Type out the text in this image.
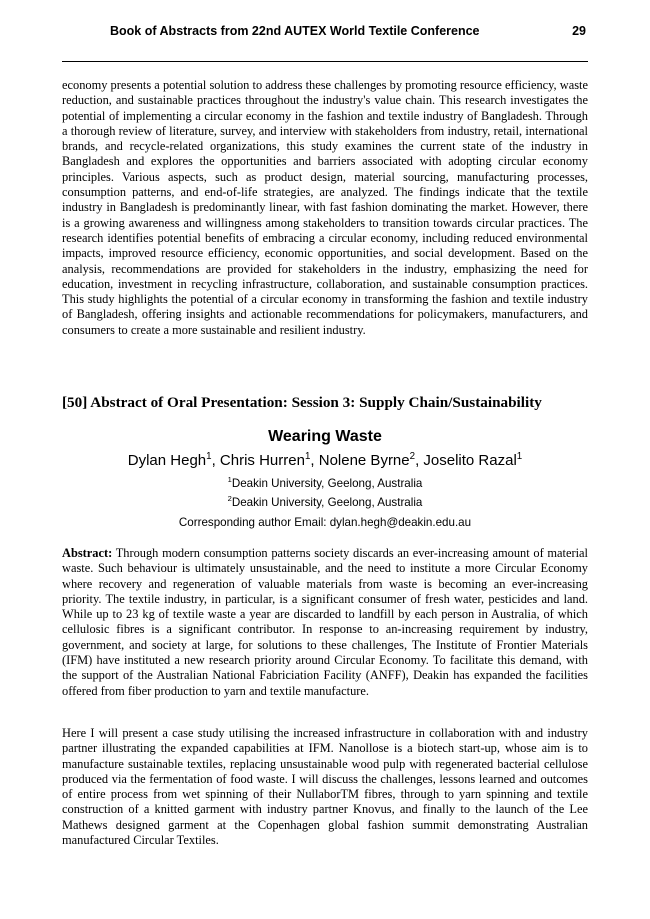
Book of Abstracts from 22nd AUTEX World Textile Conference	29

economy presents a potential solution to address these challenges by promoting resource efficiency, waste reduction, and sustainable practices throughout the industry's value chain. This research investigates the potential of implementing a circular economy in the fashion and textile industry of Bangladesh. Through a thorough review of literature, survey, and interview with stakeholders from industry, retail, international brands, and recycle-related organizations, this study examines the current state of the industry in Bangladesh and explores the opportunities and barriers associated with adopting circular economy principles. Various aspects, such as product design, material sourcing, manufacturing processes, consumption patterns, and end-of-life strategies, are analyzed. The findings indicate that the textile industry in Bangladesh is predominantly linear, with fast fashion dominating the market. However, there is a growing awareness and willingness among stakeholders to transition towards circular practices. The research identifies potential benefits of embracing a circular economy, including reduced environmental impacts, improved resource efficiency, economic opportunities, and social development. Based on the analysis, recommendations are provided for stakeholders in the industry, emphasizing the need for education, investment in recycling infrastructure, collaboration, and sustainable consumption practices. This study highlights the potential of a circular economy in transforming the fashion and textile industry of Bangladesh, offering insights and actionable recommendations for policymakers, manufacturers, and consumers to create a more sustainable and resilient industry.

[50] Abstract of Oral Presentation: Session 3: Supply Chain/Sustainability
Wearing Waste

Dylan Hegh$^1$, Chris Hurren$^1$, Nolene Byrne$^2$, Joselito Razal$^1$

$^1$Deakin University, Geelong, Australia

$^2$Deakin University, Geelong, Australia

Corresponding author Email: dylan.hegh@deakin.edu.au

Abstract: Through modern consumption patterns society discards an ever-increasing amount of material waste. Such behaviour is ultimately unsustainable, and the need to institute a more Circular Economy where recovery and regeneration of valuable materials from waste is becoming an ever-increasing priority. The textile industry, in particular, is a significant consumer of fresh water, pesticides and land. While up to 23 kg of textile waste a year are discarded to landfill by each person in Australia, of which cellulosic fibres is a significant contributor. In response to an-increasing requirement by industry, government, and society at large, for solutions to these challenges, The Institute of Frontier Materials (IFM) have instituted a new research priority around Circular Economy. To facilitate this demand, with the support of the Australian National Fabriciation Facility (ANFF), Deakin has expanded the facilities offered from fiber production to yarn and textile manufacture.

Here I will present a case study utilising the increased infrastructure in collaboration with and industry partner illustrating the expanded capabilities at IFM. Nanollose is a biotech start-up, whose aim is to manufacture sustainable textiles, replacing unsustainable wood pulp with regenerated bacterial cellulose produced via the fermentation of food waste. I will discuss the challenges, lessons learned and outcomes of entire process from wet spinning of their NullaborTM fibres, through to yarn spinning and textile construction of a knitted garment with industry partner Knovus, and finally to the launch of the Lee Mathews designed garment at the Copenhagen global fashion summit demonstrating Australian manufactured Circular Textiles.
